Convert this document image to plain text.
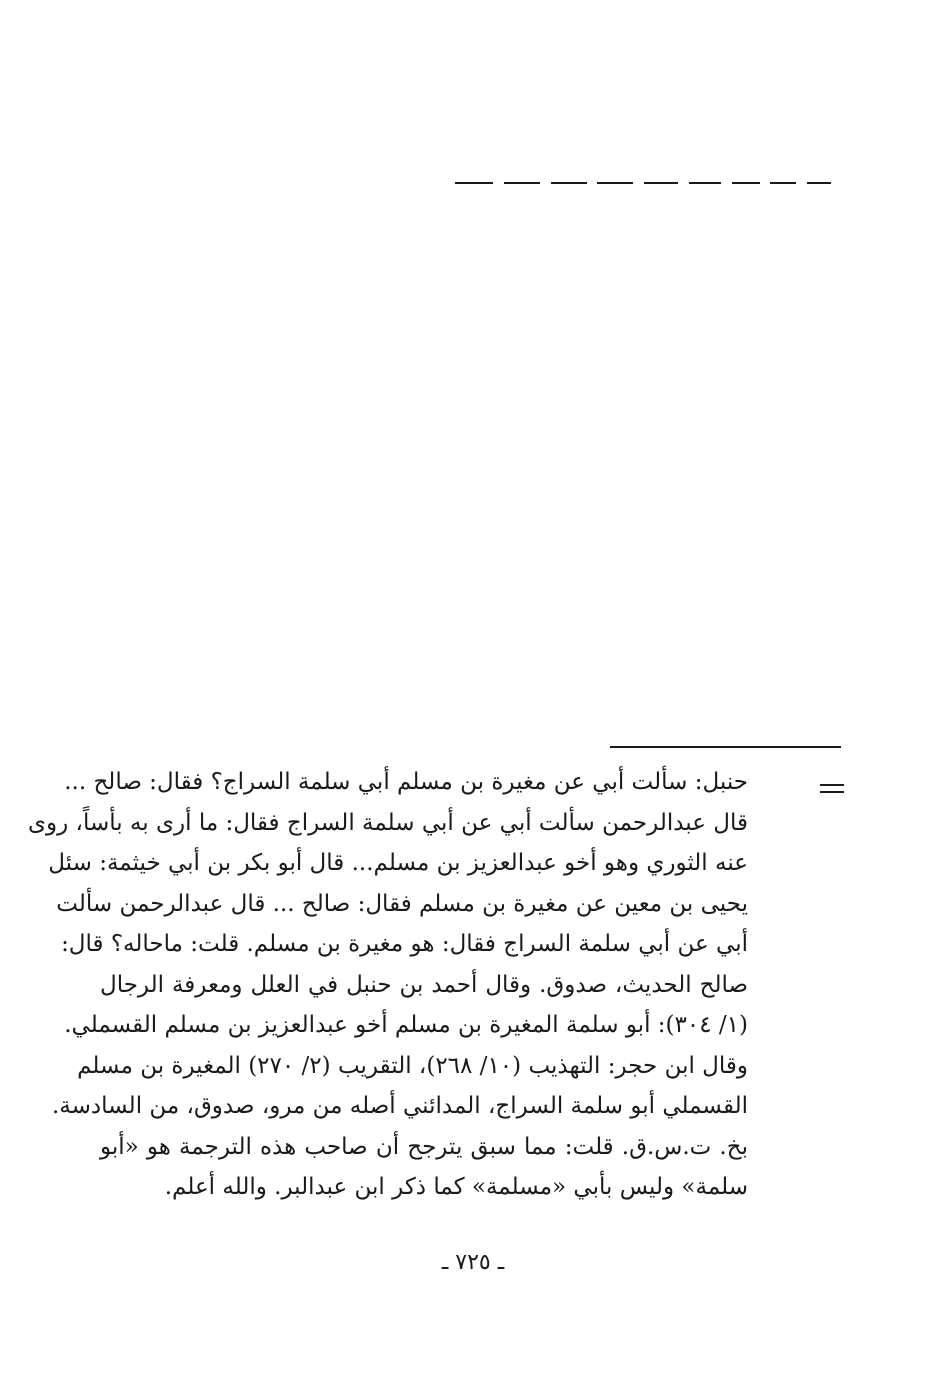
حنبل: سألت أبي عن مغيرة بن مسلم أبي سلمة السراج؟ فقال: صالح ...
قال عبدالرحمن سألت أبي عن أبي سلمة السراج فقال: ما أرى به بأساً، روى
عنه الثوري وهو أخو عبدالعزيز بن مسلم... قال أبو بكر بن أبي خيثمة: سئل
يحيى بن معين عن مغيرة بن مسلم فقال: صالح ... قال عبدالرحمن سألت
أبي عن أبي سلمة السراج فقال: هو مغيرة بن مسلم. قلت: ماحاله؟ قال:
صالح الحديث، صدوق. وقال أحمد بن حنبل في العلل ومعرفة الرجال
(١/ ٣٠٤): أبو سلمة المغيرة بن مسلم أخو عبدالعزيز بن مسلم القسملي.
وقال ابن حجر: التهذيب (١٠/ ٢٦٨)، التقريب (٢/ ٢٧٠) المغيرة بن مسلم
القسملي أبو سلمة السراج، المدائني أصله من مرو، صدوق، من السادسة.
بخ. ت.س.ق. قلت: مما سبق يترجح أن صاحب هذه الترجمة هو «أبو
سلمة» وليس بأبي «مسلمة» كما ذكر ابن عبدالبر. والله أعلم.
ـ ٧٢٥ ـ
